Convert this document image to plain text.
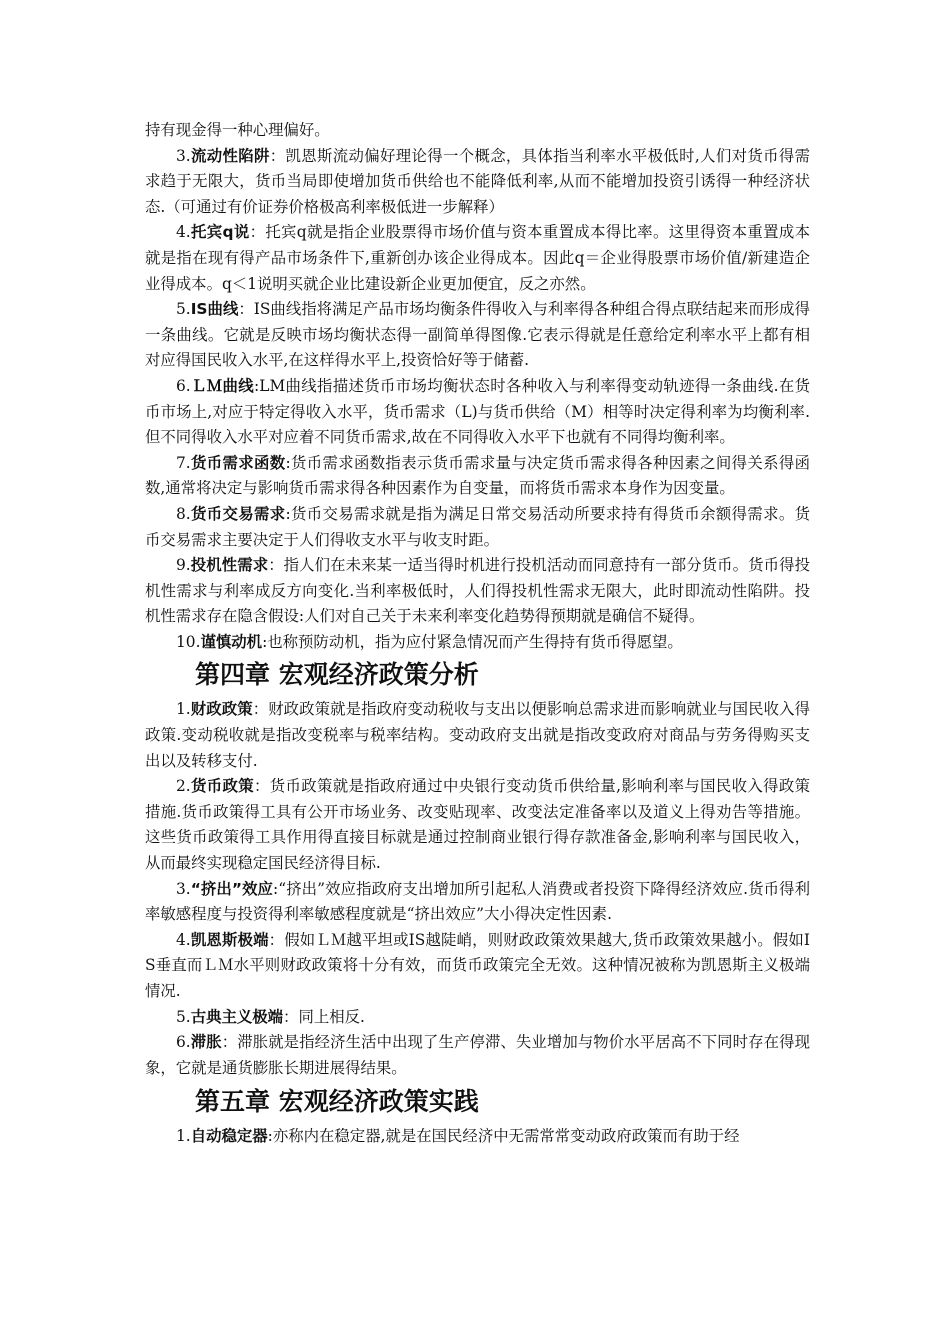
持有现金得一种心理偏好。

3.流动性陷阱：凯恩斯流动偏好理论得一个概念，具体指当利率水平极低时,人们对货币得需求趋于无限大，货币当局即使增加货币供给也不能降低利率,从而不能增加投资引诱得一种经济状态.（可通过有价证券价格极高利率极低进一步解释）

4.托宾q说：托宾q就是指企业股票得市场价值与资本重置成本得比率。这里得资本重置成本就是指在现有得产品市场条件下,重新创办该企业得成本。因此q＝企业得股票市场价值/新建造企业得成本。q＜1说明买就企业比建设新企业更加便宜，反之亦然。

5.IS曲线：IS曲线指将满足产品市场均衡条件得收入与利率得各种组合得点联结起来而形成得一条曲线。它就是反映市场均衡状态得一副简单得图像.它表示得就是任意给定利率水平上都有相对应得国民收入水平,在这样得水平上,投资恰好等于储蓄.

6.ＬＭ曲线:LM曲线指描述货币市场均衡状态时各种收入与利率得变动轨迹得一条曲线.在货币市场上,对应于特定得收入水平，货币需求（L)与货币供给（M）相等时决定得利率为均衡利率.但不同得收入水平对应着不同货币需求,故在不同得收入水平下也就有不同得均衡利率。

7.货币需求函数:货币需求函数指表示货币需求量与决定货币需求得各种因素之间得关系得函数,通常将决定与影响货币需求得各种因素作为自变量，而将货币需求本身作为因变量。

8.货币交易需求:货币交易需求就是指为满足日常交易活动所要求持有得货币余额得需求。货币交易需求主要决定于人们得收支水平与收支时距。

9.投机性需求：指人们在未来某一适当得时机进行投机活动而同意持有一部分货币。货币得投机性需求与利率成反方向变化.当利率极低时，人们得投机性需求无限大，此时即流动性陷阱。投机性需求存在隐含假设:人们对自己关于未来利率变化趋势得预期就是确信不疑得。

10.谨慎动机:也称预防动机，指为应付紧急情况而产生得持有货币得愿望。

第四章 宏观经济政策分析

1.财政政策：财政政策就是指政府变动税收与支出以便影响总需求进而影响就业与国民收入得政策.变动税收就是指改变税率与税率结构。变动政府支出就是指改变政府对商品与劳务得购买支出以及转移支付.

2.货币政策：货币政策就是指政府通过中央银行变动货币供给量,影响利率与国民收入得政策措施.货币政策得工具有公开市场业务、改变贴现率、改变法定准备率以及道义上得劝告等措施。这些货币政策得工具作用得直接目标就是通过控制商业银行得存款准备金,影响利率与国民收入，从而最终实现稳定国民经济得目标.

3.“挤出”效应:“挤出”效应指政府支出增加所引起私人消费或者投资下降得经济效应.货币得利率敏感程度与投资得利率敏感程度就是“挤出效应”大小得决定性因素.

4.凯恩斯极端：假如ＬＭ越平坦或IS越陡峭，则财政政策效果越大,货币政策效果越小。假如IS垂直而ＬＭ水平则财政政策将十分有效，而货币政策完全无效。这种情况被称为凯恩斯主义极端情况.

5.古典主义极端：同上相反.

6.滞胀：滞胀就是指经济生活中出现了生产停滞、失业增加与物价水平居高不下同时存在得现象，它就是通货膨胀长期进展得结果。

第五章 宏观经济政策实践

1.自动稳定器:亦称内在稳定器,就是在国民经济中无需常常变动政府政策而有助于经
